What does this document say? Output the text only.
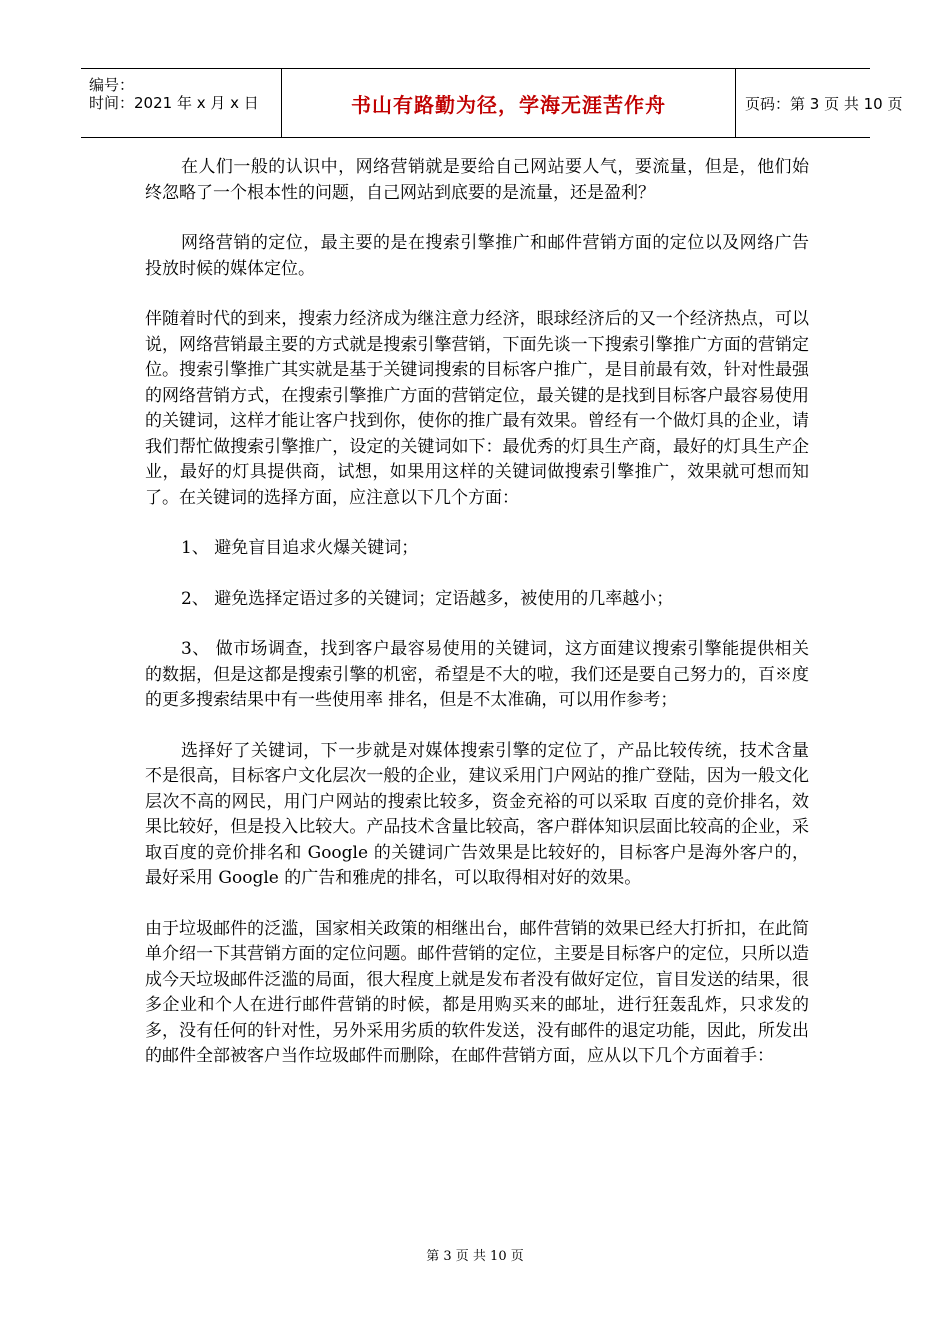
编号：
时间：2021 年 x 月 x 日	书山有路勤为径，学海无涯苦作舟	页码：第 3 页 共 10 页

在人们一般的认识中，网络营销就是要给自己网站要人气，要流量，但是，他们始终忽略了一个根本性的问题，自己网站到底要的是流量，还是盈利？

网络营销的定位，最主要的是在搜索引擎推广和邮件营销方面的定位以及网络广告投放时候的媒体定位。

伴随着时代的到来，搜索力经济成为继注意力经济，眼球经济后的又一个经济热点，可以说，网络营销最主要的方式就是搜索引擎营销，下面先谈一下搜索引擎推广方面的营销定位。搜索引擎推广其实就是基于关键词搜索的目标客户推广，是目前最有效，针对性最强的网络营销方式，在搜索引擎推广方面的营销定位，最关键的是找到目标客户最容易使用的关键词，这样才能让客户找到你，使你的推广最有效果。曾经有一个做灯具的企业，请我们帮忙做搜索引擎推广，设定的关键词如下：最优秀的灯具生产商，最好的灯具生产企业，最好的灯具提供商，试想，如果用这样的关键词做搜索引擎推广，效果就可想而知了。在关键词的选择方面，应注意以下几个方面：

1、 避免盲目追求火爆关键词；

2、 避免选择定语过多的关键词；定语越多，被使用的几率越小；

3、 做市场调查，找到客户最容易使用的关键词，这方面建议搜索引擎能提供相关的数据，但是这都是搜索引擎的机密，希望是不大的啦，我们还是要自己努力的，百※度的更多搜索结果中有一些使用率 排名，但是不太准确，可以用作参考；

选择好了关键词，下一步就是对媒体搜索引擎的定位了，产品比较传统，技术含量不是很高，目标客户文化层次一般的企业，建议采用门户网站的推广登陆，因为一般文化层次不高的网民，用门户网站的搜索比较多，资金充裕的可以采取 百度的竞价排名，效果比较好，但是投入比较大。产品技术含量比较高，客户群体知识层面比较高的企业，采取百度的竞价排名和 Google 的关键词广告效果是比较好的，目标客户是海外客户的，最好采用 Google 的广告和雅虎的排名，可以取得相对好的效果。

由于垃圾邮件的泛滥，国家相关政策的相继出台，邮件营销的效果已经大打折扣，在此简单介绍一下其营销方面的定位问题。邮件营销的定位，主要是目标客户的定位，只所以造成今天垃圾邮件泛滥的局面，很大程度上就是发布者没有做好定位，盲目发送的结果，很多企业和个人在进行邮件营销的时候，都是用购买来的邮址，进行狂轰乱炸，只求发的多，没有任何的针对性，另外采用劣质的软件发送，没有邮件的退定功能，因此，所发出的邮件全部被客户当作垃圾邮件而删除，在邮件营销方面，应从以下几个方面着手：

第 3 页 共 10 页
